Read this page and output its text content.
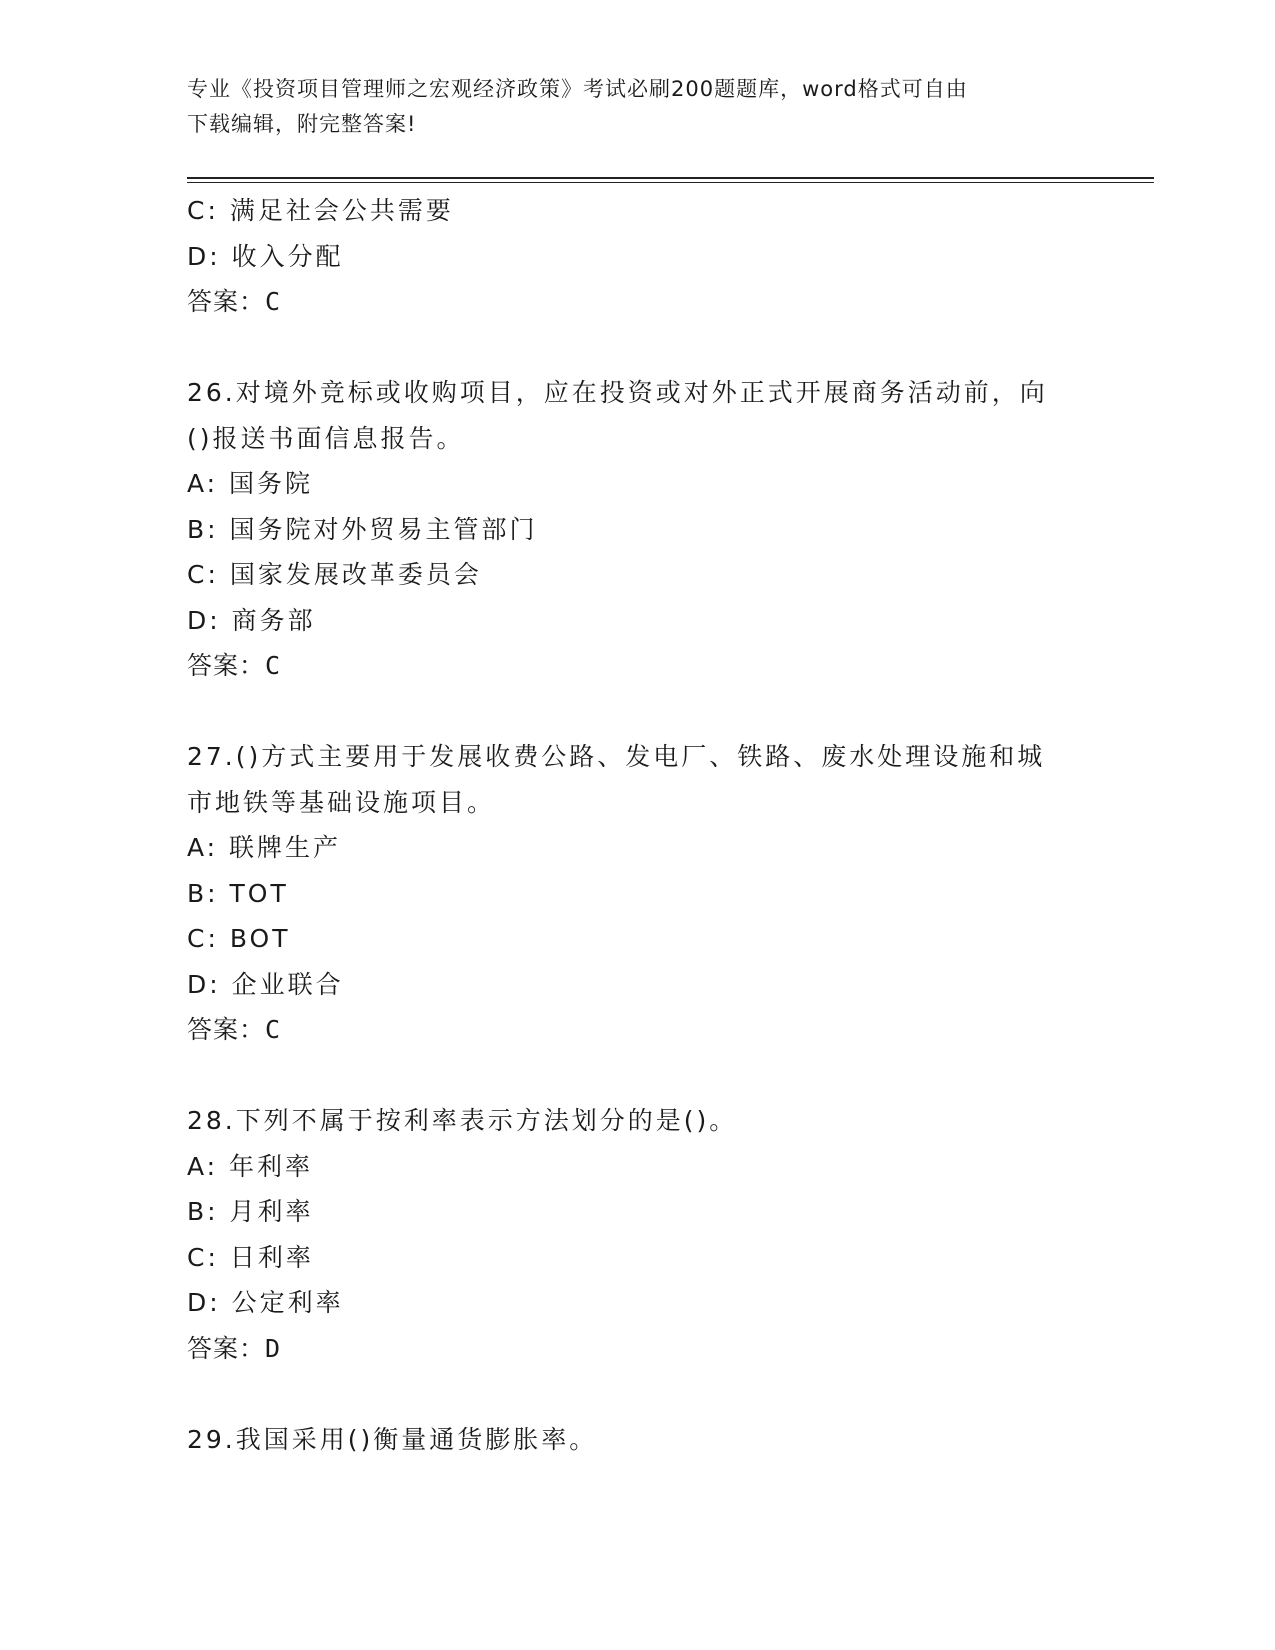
专业《投资项目管理师之宏观经济政策》考试必刷200题题库，word格式可自由
下载编辑，附完整答案!
C: 满足社会公共需要
D: 收入分配
答案：C
26.对境外竞标或收购项目，应在投资或对外正式开展商务活动前，向
()报送书面信息报告。
A: 国务院
B: 国务院对外贸易主管部门
C: 国家发展改革委员会
D: 商务部
答案：C
27.()方式主要用于发展收费公路、发电厂、铁路、废水处理设施和城
市地铁等基础设施项目。
A: 联牌生产
B: TOT
C: BOT
D: 企业联合
答案：C
28.下列不属于按利率表示方法划分的是()。
A: 年利率
B: 月利率
C: 日利率
D: 公定利率
答案：D
29.我国采用()衡量通货膨胀率。
